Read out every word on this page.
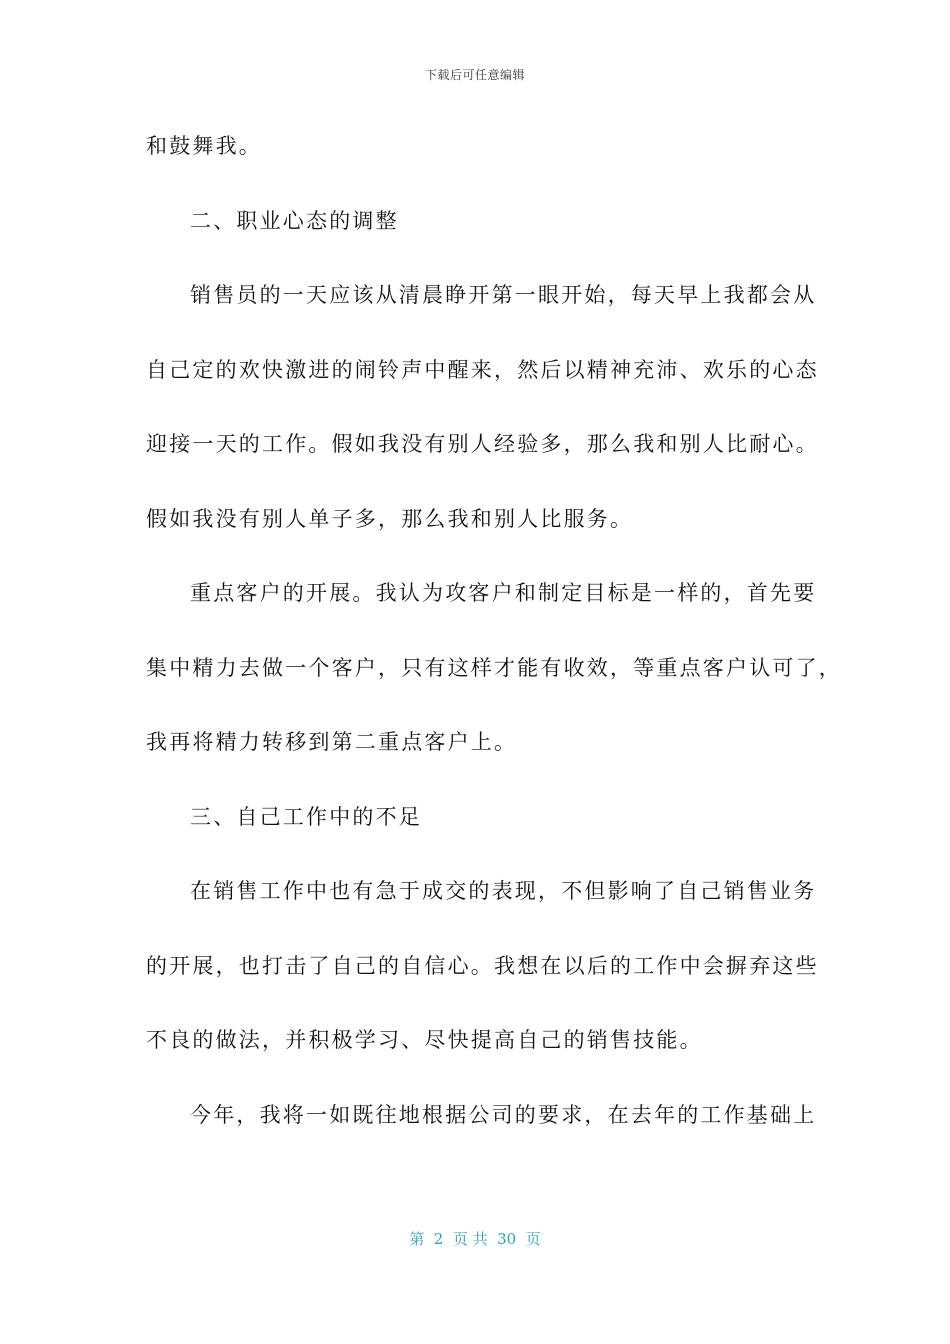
下载后可任意编辑
和鼓舞我。
二、职业心态的调整
销售员的一天应该从清晨睁开第一眼开始，每天早上我都会从
自己定的欢快激进的闹铃声中醒来，然后以精神充沛、欢乐的心态
迎接一天的工作。假如我没有别人经验多，那么我和别人比耐心。
假如我没有别人单子多，那么我和别人比服务。
重点客户的开展。我认为攻客户和制定目标是一样的，首先要
集中精力去做一个客户，只有这样才能有收效，等重点客户认可了，
我再将精力转移到第二重点客户上。
三、自己工作中的不足
在销售工作中也有急于成交的表现，不但影响了自己销售业务
的开展，也打击了自己的自信心。我想在以后的工作中会摒弃这些
不良的做法，并积极学习、尽快提高自己的销售技能。
今年，我将一如既往地根据公司的要求，在去年的工作基础上
第  2  页 共  30  页
